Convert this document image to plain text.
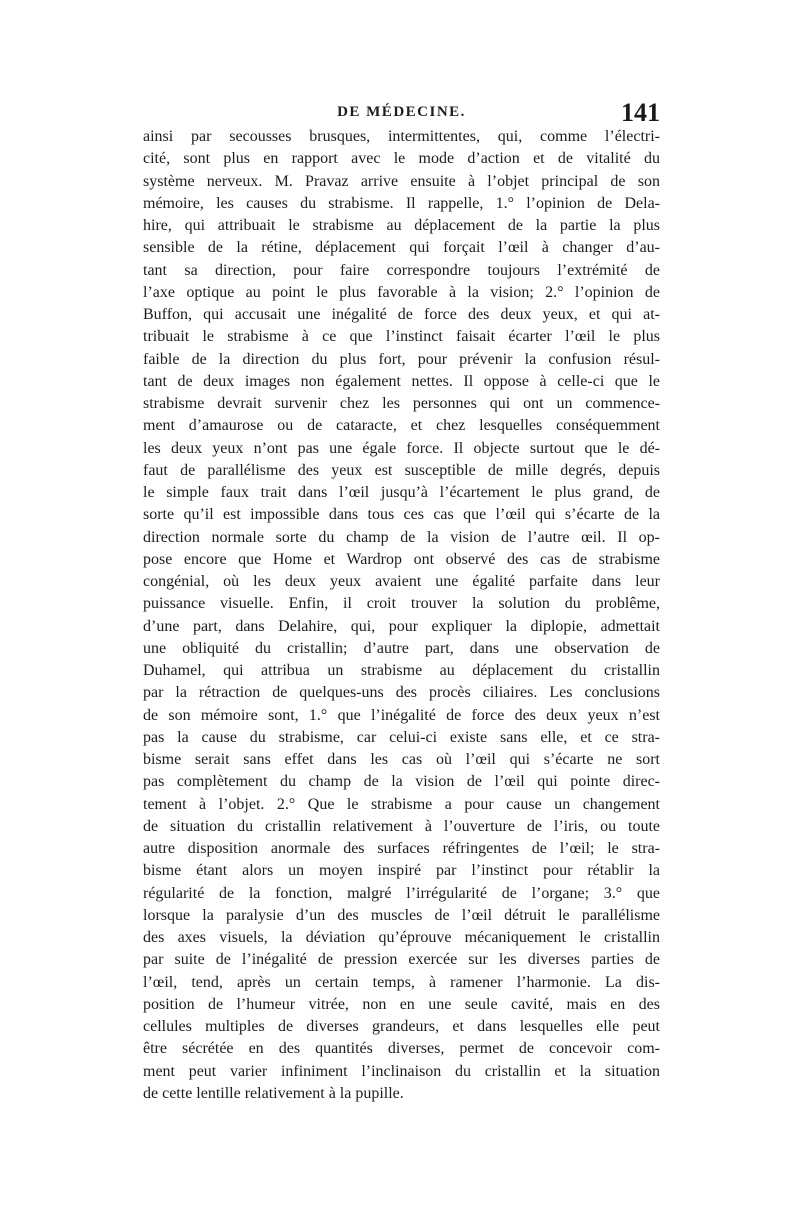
DE MÉDECINE.	141
ainsi par secousses brusques, intermittentes, qui, comme l’électri-
cité, sont plus en rapport avec le mode d’action et de vitalité du
système nerveux. M. Pravaz arrive ensuite à l’objet principal de son
mémoire, les causes du strabisme. Il rappelle, 1.° l’opinion de Dela-
hire, qui attribuait le strabisme au déplacement de la partie la plus
sensible de la rétine, déplacement qui forçait l’œil à changer d’au-
tant sa direction, pour faire correspondre toujours l’extrémité de
l’axe optique au point le plus favorable à la vision; 2.° l’opinion de
Buffon, qui accusait une inégalité de force des deux yeux, et qui at-
tribuait le strabisme à ce que l’instinct faisait écarter l’œil le plus
faible de la direction du plus fort, pour prévenir la confusion résul-
tant de deux images non également nettes. Il oppose à celle-ci que le
strabisme devrait survenir chez les personnes qui ont un commence-
ment d’amaurose ou de cataracte, et chez lesquelles conséquemment
les deux yeux n’ont pas une égale force. Il objecte surtout que le dé-
faut de parallélisme des yeux est susceptible de mille degrés, depuis
le simple faux trait dans l’œil jusqu’à l’écartement le plus grand, de
sorte qu’il est impossible dans tous ces cas que l’œil qui s’écarte de la
direction normale sorte du champ de la vision de l’autre œil. Il op-
pose encore que Home et Wardrop ont observé des cas de strabisme
congénial, où les deux yeux avaient une égalité parfaite dans leur
puissance visuelle. Enfin, il croit trouver la solution du problême,
d’une part, dans Delahire, qui, pour expliquer la diplopie, admettait
une obliquité du cristallin; d’autre part, dans une observation de
Duhamel, qui attribua un strabisme au déplacement du cristallin
par la rétraction de quelques-uns des procès ciliaires. Les conclusions
de son mémoire sont, 1.° que l’inégalité de force des deux yeux n’est
pas la cause du strabisme, car celui-ci existe sans elle, et ce stra-
bisme serait sans effet dans les cas où l’œil qui s’écarte ne sort
pas complètement du champ de la vision de l’œil qui pointe direc-
tement à l’objet. 2.° Que le strabisme a pour cause un changement
de situation du cristallin relativement à l’ouverture de l’iris, ou toute
autre disposition anormale des surfaces réfringentes de l’œil; le stra-
bisme étant alors un moyen inspiré par l’instinct pour rétablir la
régularité de la fonction, malgré l’irrégularité de l’organe; 3.° que
lorsque la paralysie d’un des muscles de l’œil détruit le parallélisme
des axes visuels, la déviation qu’éprouve mécaniquement le cristallin
par suite de l’inégalité de pression exercée sur les diverses parties de
l’œil, tend, après un certain temps, à ramener l’harmonie. La dis-
position de l’humeur vitrée, non en une seule cavité, mais en des
cellules multiples de diverses grandeurs, et dans lesquelles elle peut
être sécrétée en des quantités diverses, permet de concevoir com-
ment peut varier infiniment l’inclinaison du cristallin et la situation
de cette lentille relativement à la pupille.
